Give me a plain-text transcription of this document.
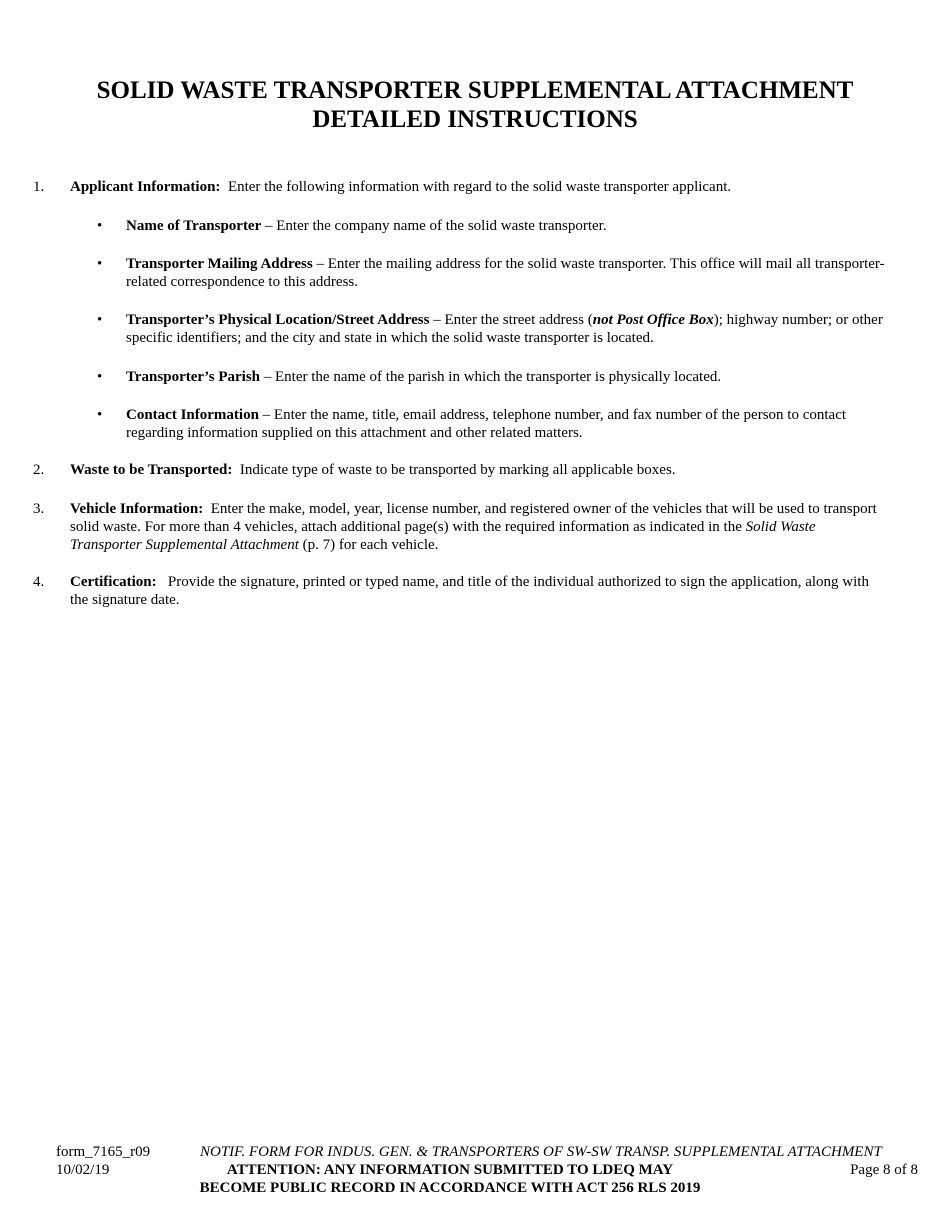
SOLID WASTE TRANSPORTER SUPPLEMENTAL ATTACHMENT
DETAILED INSTRUCTIONS
1. Applicant Information: Enter the following information with regard to the solid waste transporter applicant.
• Name of Transporter – Enter the company name of the solid waste transporter.
• Transporter Mailing Address – Enter the mailing address for the solid waste transporter. This office will mail all transporter-related correspondence to this address.
• Transporter’s Physical Location/Street Address – Enter the street address (not Post Office Box); highway number; or other specific identifiers; and the city and state in which the solid waste transporter is located.
• Transporter’s Parish – Enter the name of the parish in which the transporter is physically located.
• Contact Information – Enter the name, title, email address, telephone number, and fax number of the person to contact regarding information supplied on this attachment and other related matters.
2. Waste to be Transported: Indicate type of waste to be transported by marking all applicable boxes.
3. Vehicle Information: Enter the make, model, year, license number, and registered owner of the vehicles that will be used to transport solid waste. For more than 4 vehicles, attach additional page(s) with the required information as indicated in the Solid Waste Transporter Supplemental Attachment (p. 7) for each vehicle.
4. Certification: Provide the signature, printed or typed name, and title of the individual authorized to sign the application, along with the signature date.
form_7165_r09
10/02/19
NOTIF. FORM FOR INDUS. GEN. & TRANSPORTERS OF SW-SW TRANSP. SUPPLEMENTAL ATTACHMENT
ATTENTION: ANY INFORMATION SUBMITTED TO LDEQ MAY
BECOME PUBLIC RECORD IN ACCORDANCE WITH ACT 256 RLS 2019
Page 8 of 8
